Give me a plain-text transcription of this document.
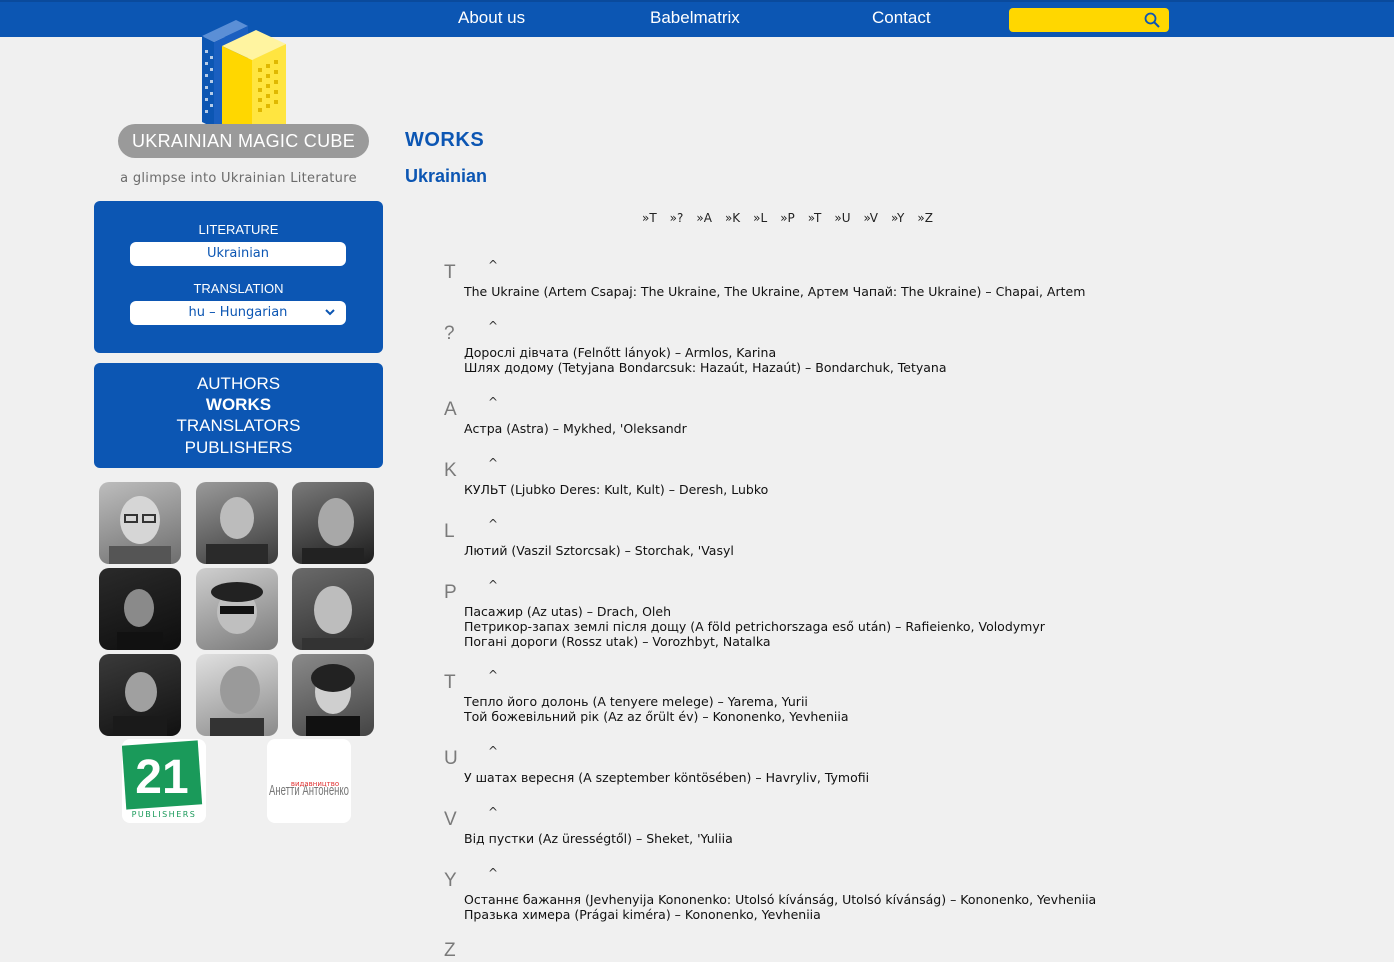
About us	Babelmatrix	Contact
UKRAINIAN MAGIC CUBE
a glimpse into Ukrainian Literature
LITERATURE
Ukrainian
TRANSLATION
hu – Hungarian
AUTHORS
WORKS
TRANSLATORS
PUBLISHERS
21
PUBLISHERS
Анетти Антоненко
видавництво
WORKS
Ukrainian
»Т »? »A »K »L »P »T »U »V »Y »Z
Т	^
The Ukraine (Artem Csapaj: The Ukraine, The Ukraine, Артем Чапай: The Ukraine) – Chapai, Artem
?	^
Дорослі дівчата (Felnőtt lányok) – Armlos, Karina
Шлях додому (Tetyjana Bondarcsuk: Hazaút, Hazaút) – Bondarchuk, Tetyana
A	^
Астра (Astra) – Mykhed, 'Oleksandr
K	^
КУЛЬТ (Ljubko Deres: Kult, Kult) – Deresh, Lubko
L	^
Лютий (Vaszil Sztorcsak) – Storchak, 'Vasyl
P	^
Пасажир (Az utas) – Drach, Oleh
Петрикор-запах землі після дощу (A föld petrichorszaga eső után) – Rafieienko, Volodymyr
Погані дороги (Rossz utak) – Vorozhbyt, Natalka
T	^
Тепло його долонь (A tenyere melege) – Yarema, Yurii
Той божевільний рік (Az az őrült év) – Kononenko, Yevheniia
U	^
У шатах вересня (A szeptember köntösében) – Havryliv, Tymofii
V	^
Від пустки (Az ürességtől) – Sheket, 'Yuliia
Y	^
Останнє бажання (Jevhenyija Kononenko: Utolsó kívánság, Utolsó kívánság) – Kononenko, Yevheniia
Празька химера (Prágai kiméra) – Kononenko, Yevheniia
Z
